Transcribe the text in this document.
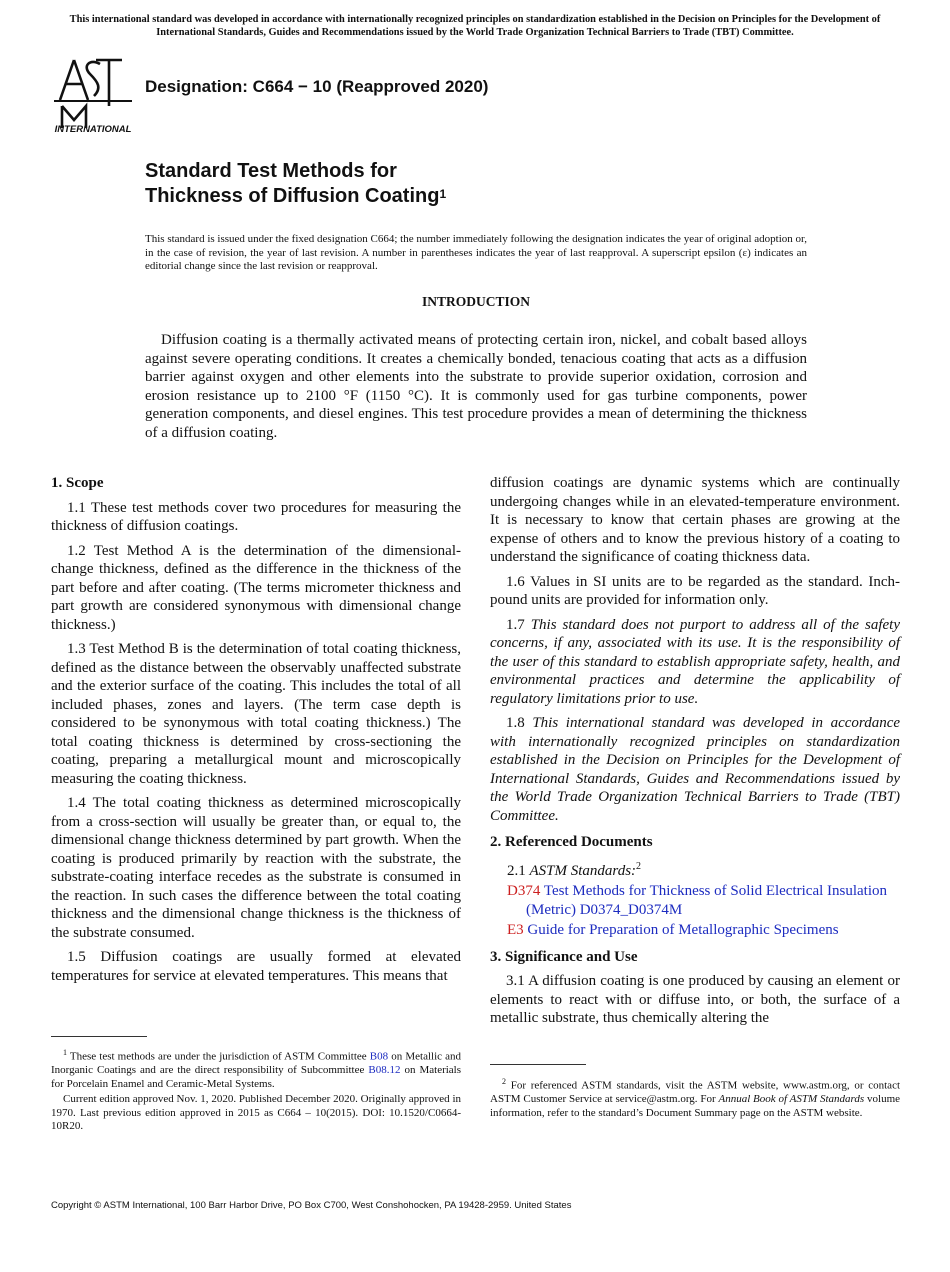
This international standard was developed in accordance with internationally recognized principles on standardization established in the Decision on Principles for the Development of International Standards, Guides and Recommendations issued by the World Trade Organization Technical Barriers to Trade (TBT) Committee.
INTERNATIONAL
Designation: C664 − 10 (Reapproved 2020)
Standard Test Methods for
Thickness of Diffusion Coating$^1$
This standard is issued under the fixed designation C664; the number immediately following the designation indicates the year of original adoption or, in the case of revision, the year of last revision. A number in parentheses indicates the year of last reapproval. A superscript epsilon (ε) indicates an editorial change since the last revision or reapproval.
INTRODUCTION
Diffusion coating is a thermally activated means of protecting certain iron, nickel, and cobalt based alloys against severe operating conditions. It creates a chemically bonded, tenacious coating that acts as a diffusion barrier against oxygen and other elements into the substrate to provide superior oxidation, corrosion and erosion resistance up to 2100 °F (1150 °C). It is commonly used for gas turbine components, power generation components, and diesel engines. This test procedure provides a mean of determining the thickness of a diffusion coating.
1. Scope

1.1 These test methods cover two procedures for measuring the thickness of diffusion coatings.

1.2 Test Method A is the determination of the dimensional-change thickness, defined as the difference in the thickness of the part before and after coating. (The terms micrometer thickness and part growth are considered synonymous with dimensional change thickness.)

1.3 Test Method B is the determination of total coating thickness, defined as the distance between the observably unaffected substrate and the exterior surface of the coating. This includes the total of all included phases, zones and layers. (The term case depth is considered to be synonymous with total coating thickness.) The total coating thickness is determined by cross-sectioning the coating, preparing a metallurgical mount and microscopically measuring the coating thickness.

1.4 The total coating thickness as determined microscopically from a cross-section will usually be greater than, or equal to, the dimensional change thickness determined by part growth. When the coating is produced primarily by reaction with the substrate, the substrate-coating interface recedes as the substrate is consumed in the reaction. In such cases the difference between the total coating thickness and the dimensional change thickness is the thickness of the substrate consumed.

1.5 Diffusion coatings are usually formed at elevated temperatures for service at elevated temperatures. This means that

diffusion coatings are dynamic systems which are continually undergoing changes while in an elevated-temperature environment. It is necessary to know that certain phases are growing at the expense of others and to know the previous history of a coating to understand the significance of coating thickness data.

1.6 Values in SI units are to be regarded as the standard. Inch-pound units are provided for information only.

1.7 This standard does not purport to address all of the safety concerns, if any, associated with its use. It is the responsibility of the user of this standard to establish appropriate safety, health, and environmental practices and determine the applicability of regulatory limitations prior to use.

1.8 This international standard was developed in accordance with internationally recognized principles on standardization established in the Decision on Principles for the Development of International Standards, Guides and Recommendations issued by the World Trade Organization Technical Barriers to Trade (TBT) Committee.

2. Referenced Documents
2.1 ASTM Standards:$^2$
D374 Test Methods for Thickness of Solid Electrical Insulation (Metric) D0374_D0374M
E3 Guide for Preparation of Metallographic Specimens
3. Significance and Use

3.1 A diffusion coating is one produced by causing an element or elements to react with or diffuse into, or both, the surface of a metallic substrate, thus chemically altering the

$^1$ These test methods are under the jurisdiction of ASTM Committee B08 on Metallic and Inorganic Coatings and are the direct responsibility of Subcommittee B08.12 on Materials for Porcelain Enamel and Ceramic-Metal Systems.

Current edition approved Nov. 1, 2020. Published December 2020. Originally approved in 1970. Last previous edition approved in 2015 as C664 – 10(2015). DOI: 10.1520/C0664-10R20.

$^2$ For referenced ASTM standards, visit the ASTM website, www.astm.org, or contact ASTM Customer Service at service@astm.org. For Annual Book of ASTM Standards volume information, refer to the standard’s Document Summary page on the ASTM website.

Copyright © ASTM International, 100 Barr Harbor Drive, PO Box C700, West Conshohocken, PA 19428-2959. United States
